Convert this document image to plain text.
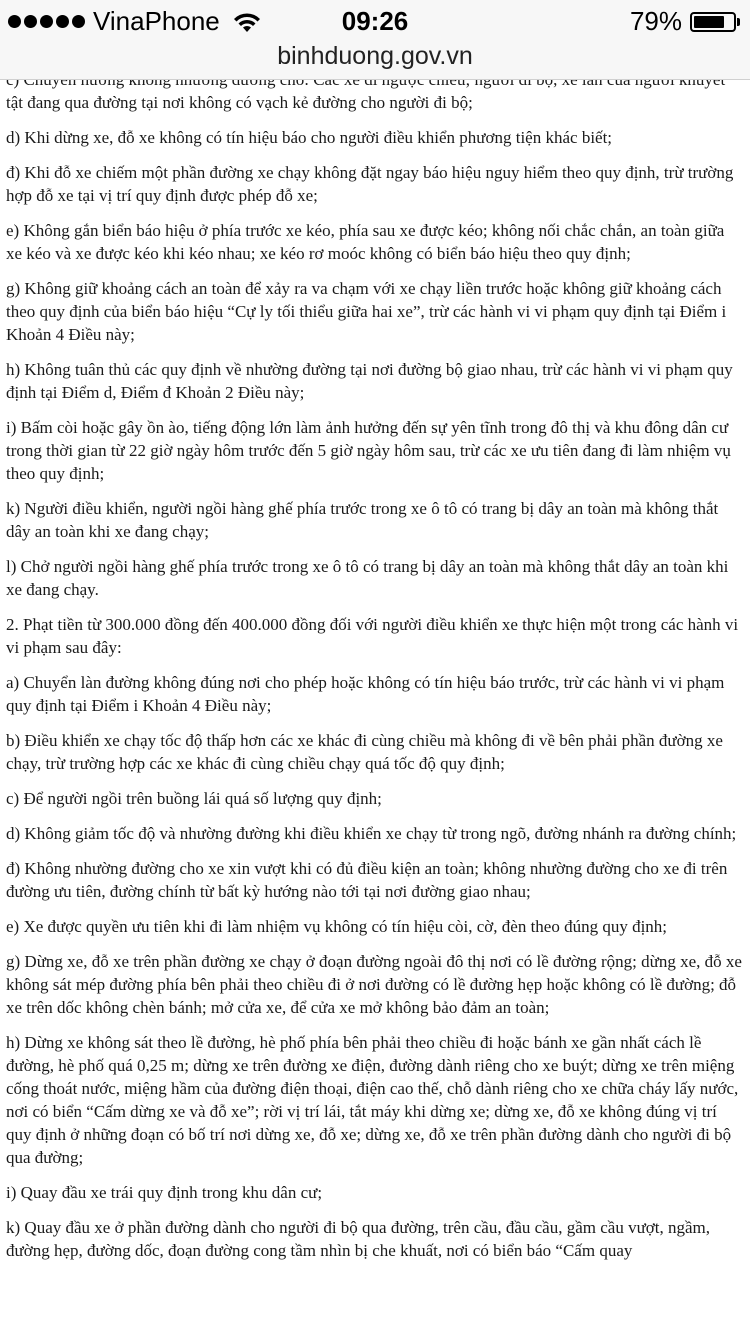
VinaPhone	09:26	79%
binhduong.gov.vn

tật đang qua đường tại nơi không có vạch kẻ đường cho người đi bộ;

d) Khi dừng xe, đỗ xe không có tín hiệu báo cho người điều khiển phương tiện khác biết;

đ) Khi đỗ xe chiếm một phần đường xe chạy không đặt ngay báo hiệu nguy hiểm theo quy định, trừ trường hợp đỗ xe tại vị trí quy định được phép đỗ xe;

e) Không gắn biển báo hiệu ở phía trước xe kéo, phía sau xe được kéo; không nối chắc chắn, an toàn giữa xe kéo và xe được kéo khi kéo nhau; xe kéo rơ moóc không có biển báo hiệu theo quy định;

g) Không giữ khoảng cách an toàn để xảy ra va chạm với xe chạy liền trước hoặc không giữ khoảng cách theo quy định của biển báo hiệu “Cự ly tối thiểu giữa hai xe”, trừ các hành vi vi phạm quy định tại Điểm i Khoản 4 Điều này;

h) Không tuân thủ các quy định về nhường đường tại nơi đường bộ giao nhau, trừ các hành vi vi phạm quy định tại Điểm d, Điểm đ Khoản 2 Điều này;

i) Bấm còi hoặc gây ồn ào, tiếng động lớn làm ảnh hưởng đến sự yên tĩnh trong đô thị và khu đông dân cư trong thời gian từ 22 giờ ngày hôm trước đến 5 giờ ngày hôm sau, trừ các xe ưu tiên đang đi làm nhiệm vụ theo quy định;

k) Người điều khiển, người ngồi hàng ghế phía trước trong xe ô tô có trang bị dây an toàn mà không thắt dây an toàn khi xe đang chạy;

l) Chở người ngồi hàng ghế phía trước trong xe ô tô có trang bị dây an toàn mà không thắt dây an toàn khi xe đang chạy.

2. Phạt tiền từ 300.000 đồng đến 400.000 đồng đối với người điều khiển xe thực hiện một trong các hành vi vi phạm sau đây:

a) Chuyển làn đường không đúng nơi cho phép hoặc không có tín hiệu báo trước, trừ các hành vi vi phạm quy định tại Điểm i Khoản 4 Điều này;

b) Điều khiển xe chạy tốc độ thấp hơn các xe khác đi cùng chiều mà không đi về bên phải phần đường xe chạy, trừ trường hợp các xe khác đi cùng chiều chạy quá tốc độ quy định;

c) Để người ngồi trên buồng lái quá số lượng quy định;

d) Không giảm tốc độ và nhường đường khi điều khiển xe chạy từ trong ngõ, đường nhánh ra đường chính;

đ) Không nhường đường cho xe xin vượt khi có đủ điều kiện an toàn; không nhường đường cho xe đi trên đường ưu tiên, đường chính từ bất kỳ hướng nào tới tại nơi đường giao nhau;

e) Xe được quyền ưu tiên khi đi làm nhiệm vụ không có tín hiệu còi, cờ, đèn theo đúng quy định;

g) Dừng xe, đỗ xe trên phần đường xe chạy ở đoạn đường ngoài đô thị nơi có lề đường rộng; dừng xe, đỗ xe không sát mép đường phía bên phải theo chiều đi ở nơi đường có lề đường hẹp hoặc không có lề đường; đỗ xe trên dốc không chèn bánh; mở cửa xe, để cửa xe mở không bảo đảm an toàn;

h) Dừng xe không sát theo lề đường, hè phố phía bên phải theo chiều đi hoặc bánh xe gần nhất cách lề đường, hè phố quá 0,25 m; dừng xe trên đường xe điện, đường dành riêng cho xe buýt; dừng xe trên miệng cống thoát nước, miệng hầm của đường điện thoại, điện cao thế, chỗ dành riêng cho xe chữa cháy lấy nước, nơi có biển “Cấm dừng xe và đỗ xe”; rời vị trí lái, tắt máy khi dừng xe; dừng xe, đỗ xe không đúng vị trí quy định ở những đoạn có bố trí nơi dừng xe, đỗ xe; dừng xe, đỗ xe trên phần đường dành cho người đi bộ qua đường;

i) Quay đầu xe trái quy định trong khu dân cư;

k) Quay đầu xe ở phần đường dành cho người đi bộ qua đường, trên cầu, đầu cầu, gầm cầu vượt, ngầm, đường hẹp, đường dốc, đoạn đường cong tầm nhìn bị che khuất, nơi có biển báo “Cấm quay
